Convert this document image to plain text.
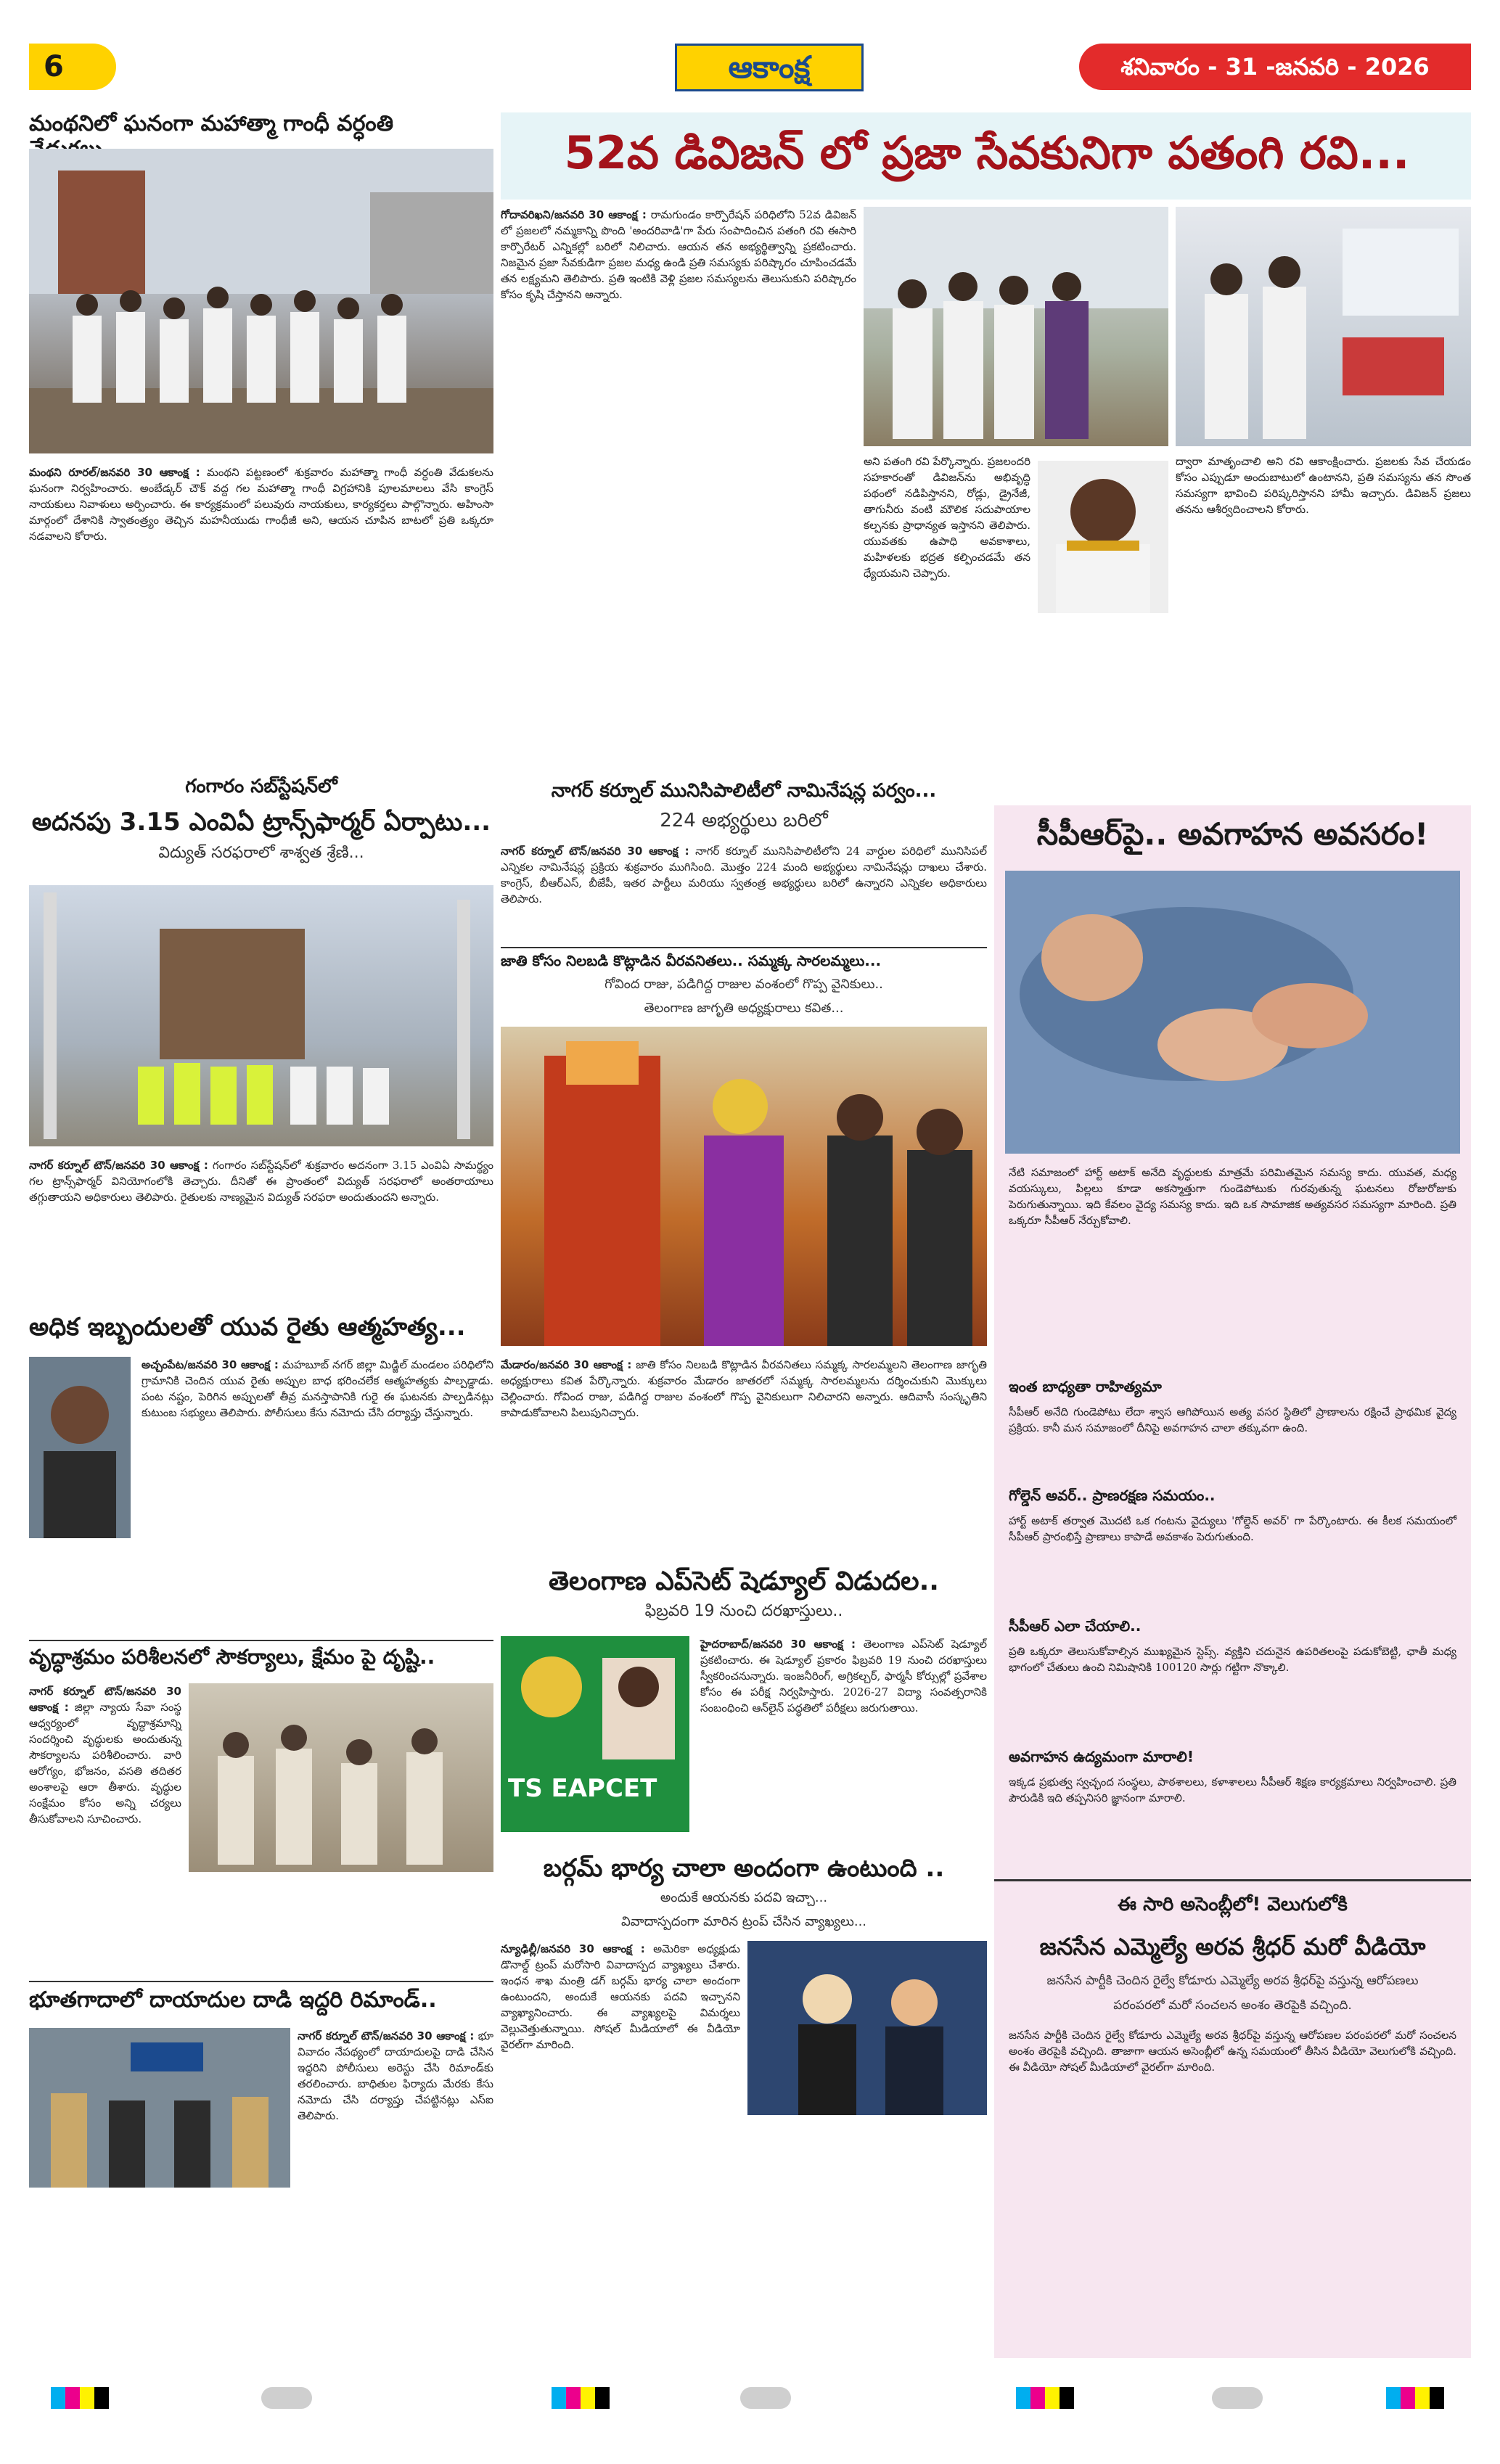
6	ఆకాంక్ష	శనివారం - 31 -జనవరి - 2026
మంథనిలో ఘనంగా మహాత్మా గాంధీ వర్ధంతి
మంథని రూరల్/జనవరి 30 ఆకాంక్ష : మంథని పట్టణంలో శుక్రవారం మహాత్మా గాంధీ వర్ధంతి వేడుకలను ఘనంగా నిర్వహించారు. అంబేడ్కర్ చౌక్ వద్ద గల మహాత్మా గాంధీ విగ్రహానికి పూలమాలలు వేసి కాంగ్రెస్ నాయకులు నివాళులు అర్పించారు. ఈ కార్యక్రమంలో పలువురు నాయకులు, కార్యకర్తలు పాల్గొన్నారు. అహింసా మార్గంలో దేశానికి స్వాతంత్ర్యం తెచ్చిన మహనీయుడు గాంధీజీ అని, ఆయన చూపిన బాటలో ప్రతి ఒక్కరూ నడవాలని కోరారు.
గంగారం సబ్‌స్టేషన్‌లో
అదనపు 3.15 ఎంవిఏ ట్రాన్స్‌ఫార్మర్ ఏర్పాటు...
విద్యుత్ సరఫరాలో శాశ్వత శ్రేణి...
నాగర్ కర్నూల్ టౌన్/జనవరి 30 ఆకాంక్ష : గంగారం సబ్‌స్టేషన్‌లో శుక్రవారం అదనంగా 3.15 ఎంవిఏ సామర్థ్యం గల ట్రాన్స్‌ఫార్మర్ వినియోగంలోకి తెచ్చారు. దీనితో ఈ ప్రాంతంలో విద్యుత్ సరఫరాలో అంతరాయాలు తగ్గుతాయని అధికారులు తెలిపారు. రైతులకు నాణ్యమైన విద్యుత్ సరఫరా అందుతుందని అన్నారు.
అధిక ఇబ్బందులతో యువ రైతు ఆత్మహత్య...
అచ్చంపేట/జనవరి 30 ఆకాంక్ష : మహబూబ్ నగర్ జిల్లా మిడ్జిల్ మండలం పరిధిలోని గ్రామానికి చెందిన యువ రైతు అప్పుల బాధ భరించలేక ఆత్మహత్యకు పాల్పడ్డాడు. పంట నష్టం, పెరిగిన అప్పులతో తీవ్ర మనస్తాపానికి గురై ఈ ఘటనకు పాల్పడినట్లు కుటుంబ సభ్యులు తెలిపారు. పోలీసులు కేసు నమోదు చేసి దర్యాప్తు చేస్తున్నారు.
వృద్ధాశ్రమం పరిశీలనలో సౌకర్యాలు, క్షేమం పై దృష్టి..
నాగర్ కర్నూల్ టౌన్/జనవరి 30 ఆకాంక్ష : జిల్లా న్యాయ సేవా సంస్థ ఆధ్వర్యంలో వృద్ధాశ్రమాన్ని సందర్శించి వృద్ధులకు అందుతున్న సౌకర్యాలను పరిశీలించారు. వారి ఆరోగ్యం, భోజనం, వసతి తదితర అంశాలపై ఆరా తీశారు. వృద్ధుల సంక్షేమం కోసం అన్ని చర్యలు తీసుకోవాలని సూచించారు.
భూతగాదాలో దాయాదుల దాడి ఇద్దరి రిమాండ్..
నాగర్ కర్నూల్ టౌన్/జనవరి 30 ఆకాంక్ష : భూ వివాదం నేపథ్యంలో దాయాదులపై దాడి చేసిన ఇద్దరిని పోలీసులు అరెస్టు చేసి రిమాండ్‌కు తరలించారు. బాధితుల ఫిర్యాదు మేరకు కేసు నమోదు చేసి దర్యాప్తు చేపట్టినట్లు ఎస్‌ఐ తెలిపారు.
52వ డివిజన్ లో ప్రజా సేవకునిగా పతంగి రవి...
గోదావరిఖని/జనవరి 30 ఆకాంక్ష : రామగుండం కార్పొరేషన్ పరిధిలోని 52వ డివిజన్ లో ప్రజలలో నమ్మకాన్ని పొంది 'అందరివాడి'గా పేరు సంపాదించిన పతంగి రవి ఈసారి కార్పొరేటర్ ఎన్నికల్లో బరిలో నిలిచారు. ఆయన తన అభ్యర్థిత్వాన్ని ప్రకటించారు. నిజమైన ప్రజా సేవకుడిగా ప్రజల మధ్య ఉండి ప్రతి సమస్యకు పరిష్కారం చూపించడమే తన లక్ష్యమని తెలిపారు. ప్రతి ఇంటికి వెళ్లి ప్రజల సమస్యలను తెలుసుకుని పరిష్కారం కోసం కృషి చేస్తానని అన్నారు.
అని పతంగి రవి పేర్కొన్నారు. ప్రజలందరి సహకారంతో డివిజన్‌ను అభివృద్ధి పథంలో నడిపిస్తానని, రోడ్లు, డ్రైనేజీ, తాగునీరు వంటి మౌలిక సదుపాయాల కల్పనకు ప్రాధాన్యత ఇస్తానని తెలిపారు. యువతకు ఉపాధి అవకాశాలు, మహిళలకు భద్రత కల్పించడమే తన ధ్యేయమని చెప్పారు.
ద్వారా మాతృంచాలి అని రవి ఆకాంక్షించారు. ప్రజలకు సేవ చేయడం కోసం ఎప్పుడూ అందుబాటులో ఉంటానని, ప్రతి సమస్యను తన సొంత సమస్యగా భావించి పరిష్కరిస్తానని హామీ ఇచ్చారు. డివిజన్ ప్రజలు తనను ఆశీర్వదించాలని కోరారు.
నాగర్ కర్నూల్ మునిసిపాలిటీలో నామినేషన్ల పర్వం...
224 అభ్యర్థులు బరిలో
నాగర్ కర్నూల్ టౌన్/జనవరి 30 ఆకాంక్ష : నాగర్ కర్నూల్ మునిసిపాలిటీలోని 24 వార్డుల పరిధిలో మునిసిపల్ ఎన్నికల నామినేషన్ల ప్రక్రియ శుక్రవారం ముగిసింది. మొత్తం 224 మంది అభ్యర్థులు నామినేషన్లు దాఖలు చేశారు. కాంగ్రెస్, బీఆర్ఎస్, బీజేపీ, ఇతర పార్టీలు మరియు స్వతంత్ర అభ్యర్థులు బరిలో ఉన్నారని ఎన్నికల అధికారులు తెలిపారు.
జాతి కోసం నిలబడి కొట్లాడిన వీరవనితలు.. సమ్మక్క సారలమ్మలు...
గోవింద రాజు, పడిగిద్ద రాజుల వంశంలో గొప్ప వైనికులు..
తెలంగాణ జాగృతి అధ్యక్షురాలు కవిత...
మేడారం/జనవరి 30 ఆకాంక్ష : జాతి కోసం నిలబడి కొట్లాడిన వీరవనితలు సమ్మక్క సారలమ్మలని తెలంగాణ జాగృతి అధ్యక్షురాలు కవిత పేర్కొన్నారు. శుక్రవారం మేడారం జాతరలో సమ్మక్క సారలమ్మలను దర్శించుకుని మొక్కులు చెల్లించారు. గోవింద రాజు, పడిగిద్ద రాజుల వంశంలో గొప్ప వైనికులుగా నిలిచారని అన్నారు. ఆదివాసీ సంస్కృతిని కాపాడుకోవాలని పిలుపునిచ్చారు.
తెలంగాణ ఎప్‌సెట్ షెడ్యూల్ విడుదల..
ఫిబ్రవరి 19 నుంచి దరఖాస్తులు..
TS EAPCET
హైదరాబాద్/జనవరి 30 ఆకాంక్ష : తెలంగాణ ఎప్‌సెట్ షెడ్యూల్ ప్రకటించారు. ఈ షెడ్యూల్ ప్రకారం ఫిబ్రవరి 19 నుంచి దరఖాస్తులు స్వీకరించనున్నారు. ఇంజనీరింగ్, అగ్రికల్చర్, ఫార్మసీ కోర్సుల్లో ప్రవేశాల కోసం ఈ పరీక్ష నిర్వహిస్తారు. 2026-27 విద్యా సంవత్సరానికి సంబంధించి ఆన్‌లైన్ పద్ధతిలో పరీక్షలు జరుగుతాయి.
బర్గమ్ భార్య చాలా అందంగా ఉంటుంది ..
అందుకే ఆయనకు పదవి ఇచ్చా...
వివాదాస్పదంగా మారిన ట్రంప్ చేసిన వ్యాఖ్యలు...
న్యూఢిల్లీ/జనవరి 30 ఆకాంక్ష : అమెరికా అధ్యక్షుడు డొనాల్డ్ ట్రంప్ మరోసారి వివాదాస్పద వ్యాఖ్యలు చేశారు. ఇంధన శాఖ మంత్రి డగ్ బర్గమ్ భార్య చాలా అందంగా ఉంటుందని, అందుకే ఆయనకు పదవి ఇచ్చానని వ్యాఖ్యానించారు. ఈ వ్యాఖ్యలపై విమర్శలు వెల్లువెత్తుతున్నాయి. సోషల్ మీడియాలో ఈ వీడియో వైరల్‌గా మారింది.
సీపీఆర్‌పై.. అవగాహన అవసరం!
నేటి సమాజంలో హార్ట్ అటాక్ అనేది వృద్ధులకు మాత్రమే పరిమితమైన సమస్య కాదు. యువత, మధ్య వయస్కులు, పిల్లలు కూడా అకస్మాత్తుగా గుండెపోటుకు గురవుతున్న ఘటనలు రోజురోజుకు పెరుగుతున్నాయి. ఇది కేవలం వైద్య సమస్య కాదు. ఇది ఒక సామాజిక అత్యవసర సమస్యగా మారింది. ప్రతి ఒక్కరూ సీపీఆర్ నేర్చుకోవాలి.
ఇంత బాధ్యతా రాహిత్యమా
సీపీఆర్ అనేది గుండెపోటు లేదా శ్వాస ఆగిపోయిన అత్య వసర స్థితిలో ప్రాణాలను రక్షించే ప్రాథమిక వైద్య ప్రక్రియ. కానీ మన సమాజంలో దీనిపై అవగాహన చాలా తక్కువగా ఉంది.
గోల్డెన్ అవర్.. ప్రాణరక్షణ సమయం..
హార్ట్ అటాక్ తర్వాత మొదటి ఒక గంటను వైద్యులు 'గోల్డెన్ అవర్' గా పేర్కొంటారు. ఈ కీలక సమయంలో సీపీఆర్ ప్రారంభిస్తే ప్రాణాలు కాపాడే అవకాశం పెరుగుతుంది.
సీపీఆర్ ఎలా చేయాలి..
ప్రతి ఒక్కరూ తెలుసుకోవాల్సిన ముఖ్యమైన స్టెప్స్. వ్యక్తిని చదునైన ఉపరితలంపై పడుకోబెట్టి, ఛాతీ మధ్య భాగంలో చేతులు ఉంచి నిమిషానికి 100120 సార్లు గట్టిగా నొక్కాలి.
అవగాహన ఉద్యమంగా మారాలి!
ఇక్కడ ప్రభుత్వ స్వచ్ఛంద సంస్థలు, పాఠశాలలు, కళాశాలలు సీపీఆర్ శిక్షణ కార్యక్రమాలు నిర్వహించాలి. ప్రతి పౌరుడికి ఇది తప్పనిసరి జ్ఞానంగా మారాలి.
ఈ సారి అసెంబ్లీలో! వెలుగులోకి
జనసేన ఎమ్మెల్యే అరవ శ్రీధర్ మరో వీడియో
జనసేన పార్టీకి చెందిన రైల్వే కోడూరు ఎమ్మెల్యే అరవ శ్రీధర్‌పై వస్తున్న ఆరోపణలు
పరంపరలో మరో సంచలన అంశం తెరపైకి వచ్చింది.
జనసేన పార్టీకి చెందిన రైల్వే కోడూరు ఎమ్మెల్యే అరవ శ్రీధర్‌పై వస్తున్న ఆరోపణల పరంపరలో మరో సంచలన అంశం తెరపైకి వచ్చింది. తాజాగా ఆయన అసెంబ్లీలో ఉన్న సమయంలో తీసిన వీడియో వెలుగులోకి వచ్చింది. ఈ వీడియో సోషల్ మీడియాలో వైరల్‌గా మారింది.
